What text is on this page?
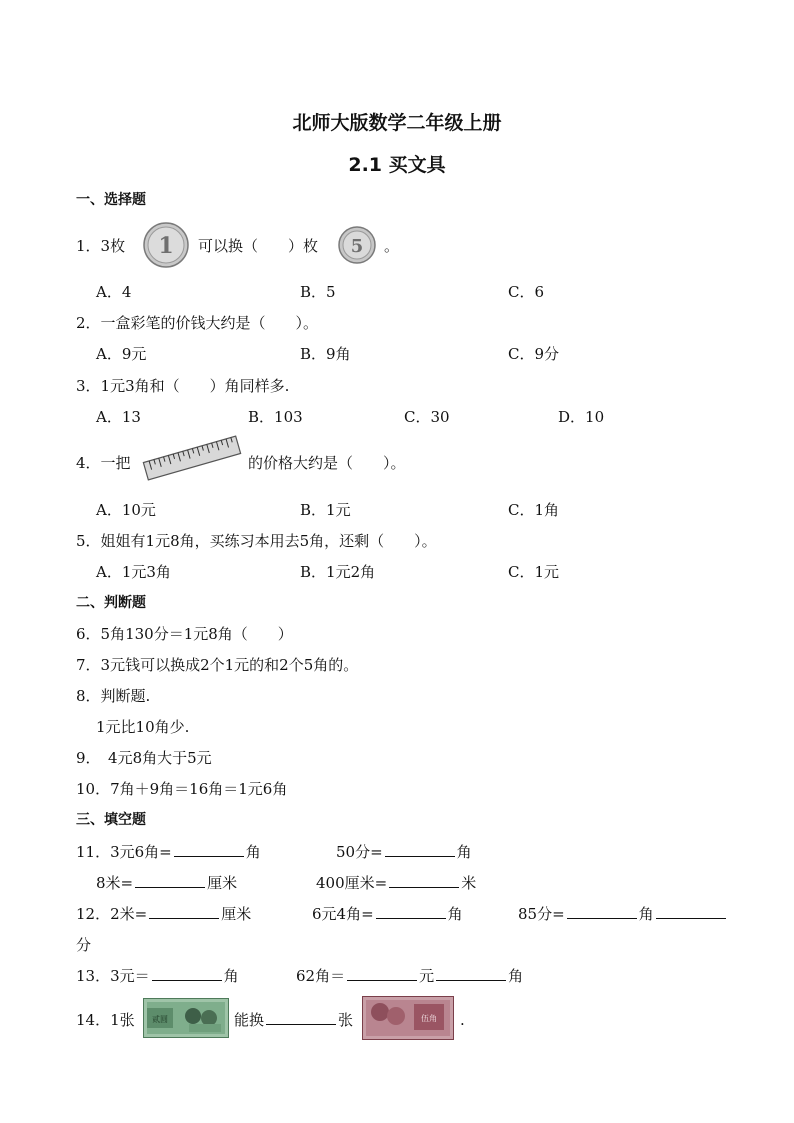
北师大版数学二年级上册
2.1 买文具
一、选择题
1．3枚 1 可以换（　　）枚 5 。
A．4	B．5	C．6
2．一盒彩笔的价钱大约是（　　）。
A．9元	B．9角	C．9分
3．1元3角和（　　）角同样多.
A．13	B．103	C．30	D．10
4．一把	的价格大约是（　　）。
A．10元	B．1元	C．1角
5．姐姐有1元8角，买练习本用去5角，还剩（　　）。
A．1元3角	B．1元2角	C．1元
二、判断题
6．5角130分＝1元8角（　　）
7．3元钱可以换成2个1元的和2个5角的。
8．判断题.
1元比10角少.
9．　4元8角大于5元
10．7角＋9角＝16角＝1元6角
三、填空题
11．3元6角=	角	50分=	角
8米=	厘米	400厘米=	米
12．2米=	厘米	6元4角=	角	85分=	角
分
13．3元＝	角	62角＝	元	角
14．1张 贰圆	能换	张	伍角 .
